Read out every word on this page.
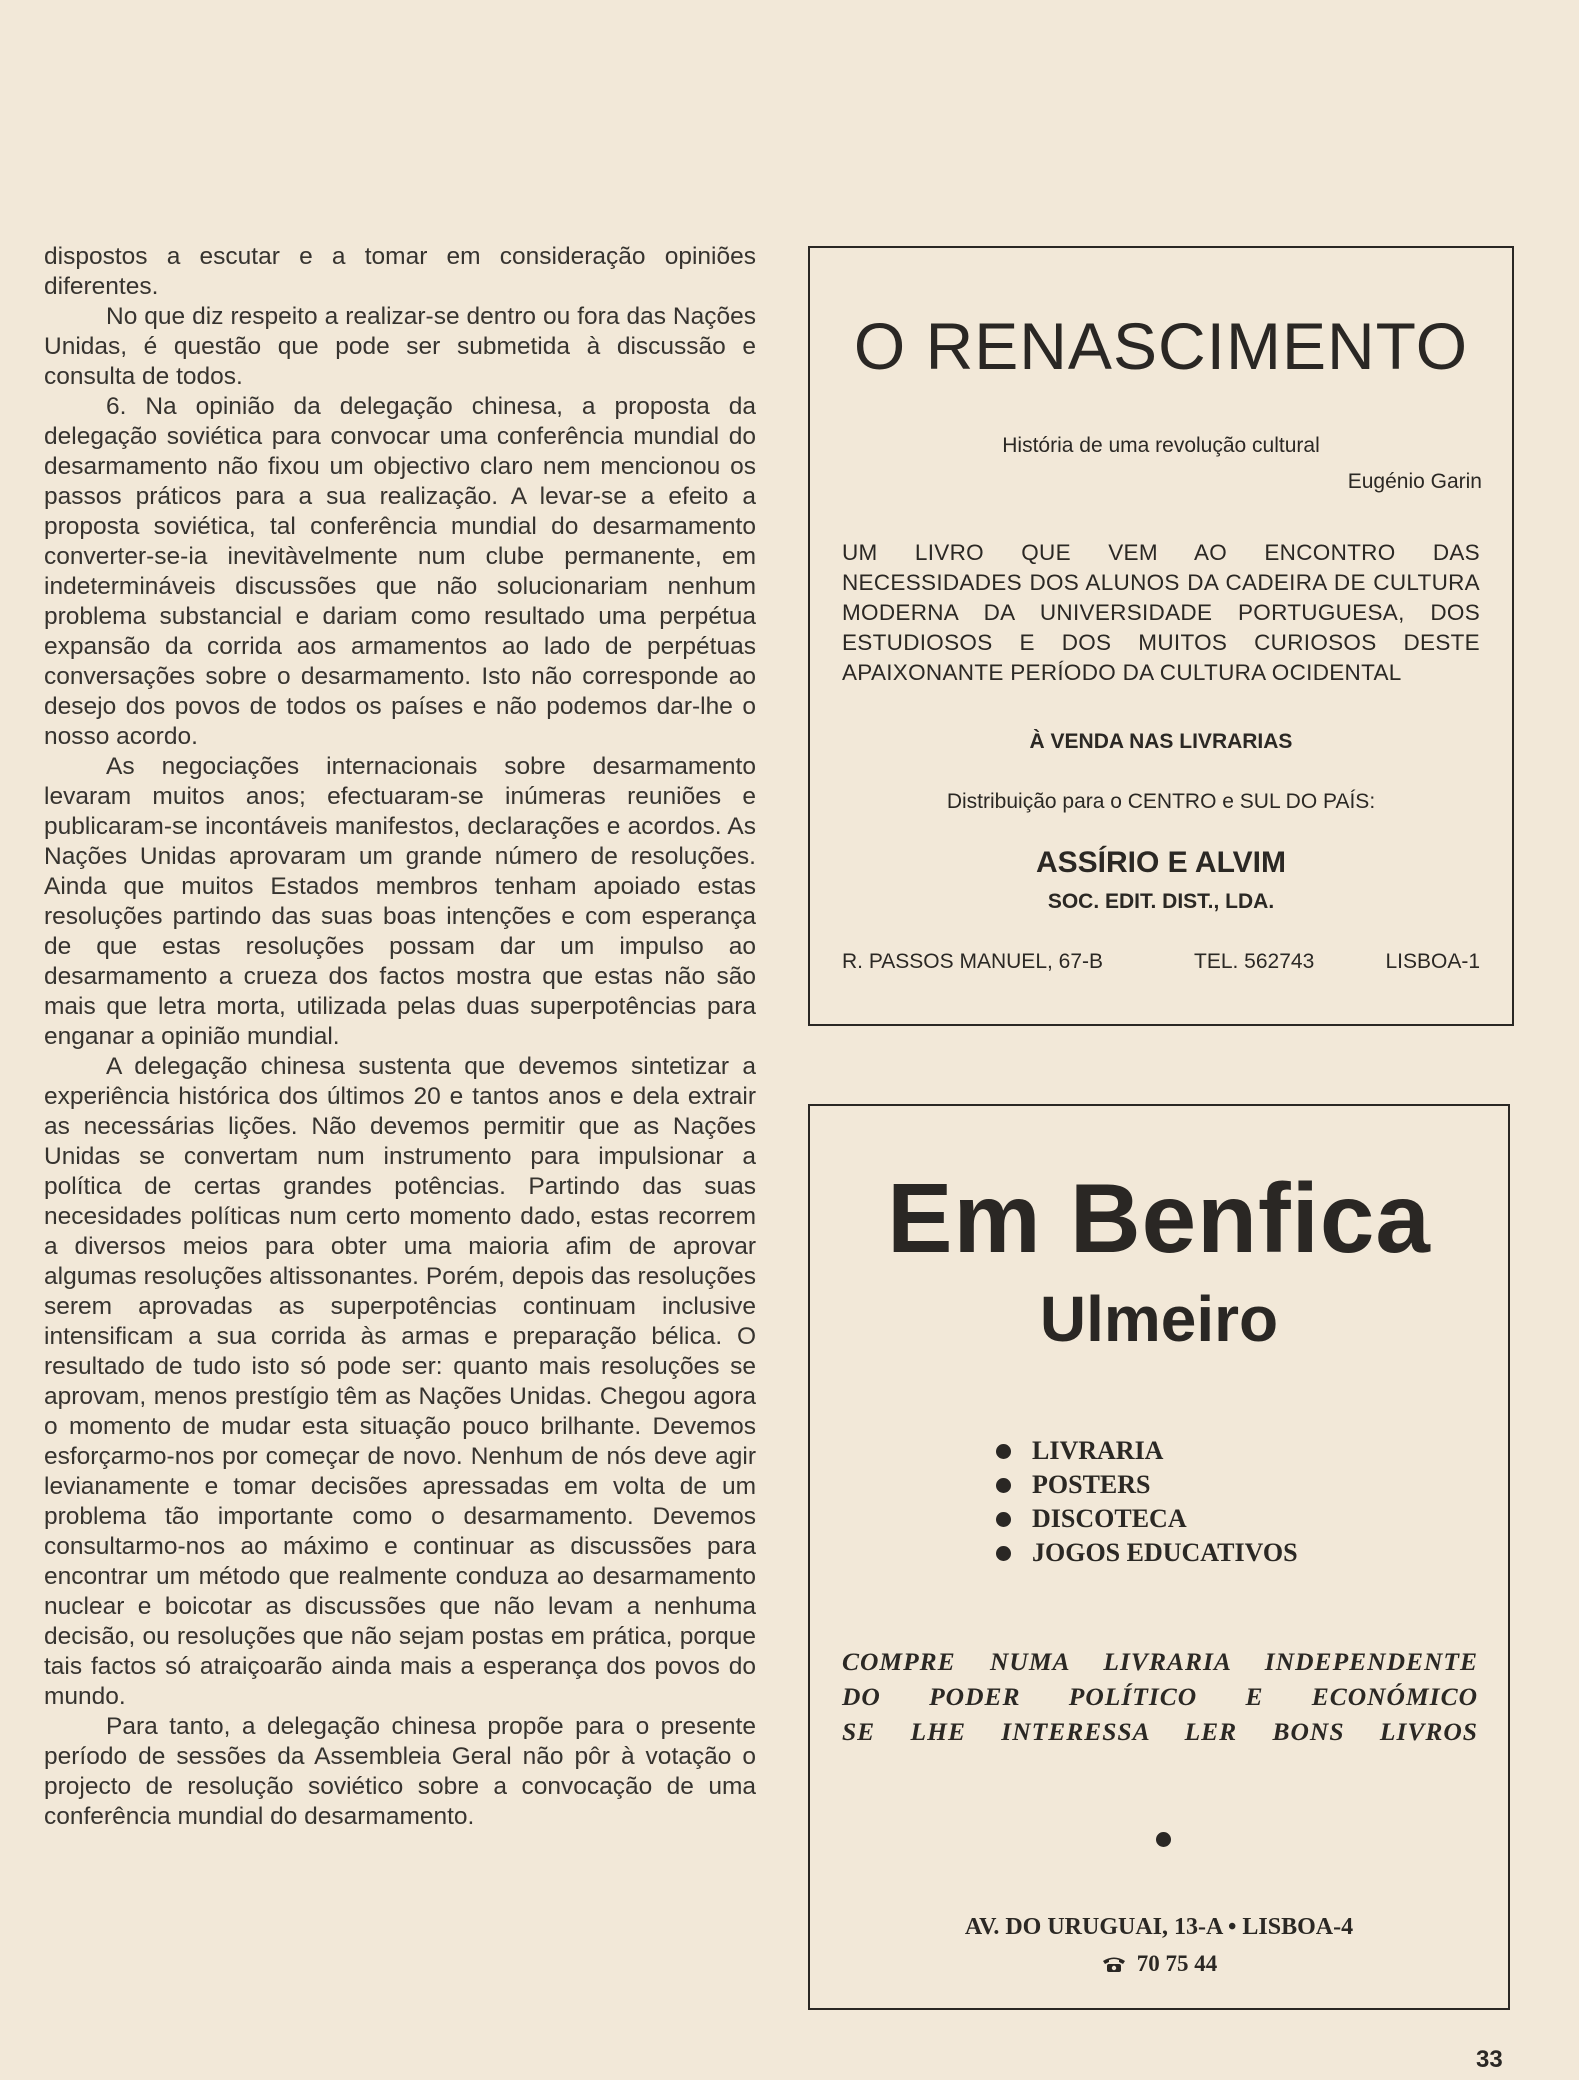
dispostos a escutar e a tomar em consideração opiniões diferentes.

No que diz respeito a realizar-se dentro ou fora das Nações Unidas, é questão que pode ser submetida à discussão e consulta de todos.

6. Na opinião da delegação chinesa, a proposta da delegação soviética para convocar uma conferência mundial do desarmamento não fixou um objectivo claro nem mencionou os passos práticos para a sua realização. A levar-se a efeito a proposta soviética, tal conferência mundial do desarmamento converter-se-ia inevitàvelmente num clube permanente, em indetermináveis discussões que não solucionariam nenhum problema substancial e dariam como resultado uma perpétua expansão da corrida aos armamentos ao lado de perpétuas conversações sobre o desarmamento. Isto não corresponde ao desejo dos povos de todos os países e não podemos dar-lhe o nosso acordo.

As negociações internacionais sobre desarmamento levaram muitos anos; efectuaram-se inúmeras reuniões e publicaram-se incontáveis manifestos, declarações e acordos. As Nações Unidas aprovaram um grande número de resoluções. Ainda que muitos Estados membros tenham apoiado estas resoluções partindo das suas boas intenções e com esperança de que estas resoluções possam dar um impulso ao desarmamento a crueza dos factos mostra que estas não são mais que letra morta, utilizada pelas duas superpotências para enganar a opinião mundial.

A delegação chinesa sustenta que devemos sintetizar a experiência histórica dos últimos 20 e tantos anos e dela extrair as necessárias lições. Não devemos permitir que as Nações Unidas se convertam num instrumento para impulsionar a política de certas grandes potências. Partindo das suas necesidades políticas num certo momento dado, estas recorrem a diversos meios para obter uma maioria afim de aprovar algumas resoluções altissonantes. Porém, depois das resoluções serem aprovadas as superpotências continuam inclusive intensificam a sua corrida às armas e preparação bélica. O resultado de tudo isto só pode ser: quanto mais resoluções se aprovam, menos prestígio têm as Nações Unidas. Chegou agora o momento de mudar esta situação pouco brilhante. Devemos esforçarmo-nos por começar de novo. Nenhum de nós deve agir levianamente e tomar decisões apressadas em volta de um problema tão importante como o desarmamento. Devemos consultarmo-nos ao máximo e continuar as discussões para encontrar um método que realmente conduza ao desarmamento nuclear e boicotar as discussões que não levam a nenhuma decisão, ou resoluções que não sejam postas em prática, porque tais factos só atraiçoarão ainda mais a esperança dos povos do mundo.

Para tanto, a delegação chinesa propõe para o presente período de sessões da Assembleia Geral não pôr à votação o projecto de resolução soviético sobre a convocação de uma conferência mundial do desarmamento.

O RENASCIMENTO
História de uma revolução cultural
Eugénio Garin
UM LIVRO QUE VEM AO ENCONTRO DAS NECESSIDADES DOS ALUNOS DA CADEIRA DE CULTURA MODERNA DA UNIVERSIDADE PORTUGUESA, DOS ESTUDIOSOS E DOS MUITOS CURIOSOS DESTE APAIXONANTE PERÍODO DA CULTURA OCIDENTAL
À VENDA NAS LIVRARIAS
Distribuição para o CENTRO e SUL DO PAÍS:
ASSÍRIO E ALVIM
SOC. EDIT. DIST., LDA.
R. PASSOS MANUEL, 67-B	TEL. 562743	LISBOA-1
Em Benfica
Ulmeiro
LIVRARIA
POSTERS
DISCOTECA
JOGOS EDUCATIVOS
COMPRE NUMA LIVRARIA INDEPENDENTE
DO PODER POLÍTICO E ECONÓMICO
SE LHE INTERESSA LER BONS LIVROS
AV. DO URUGUAI, 13-A • LISBOA-4
70 75 44
33
